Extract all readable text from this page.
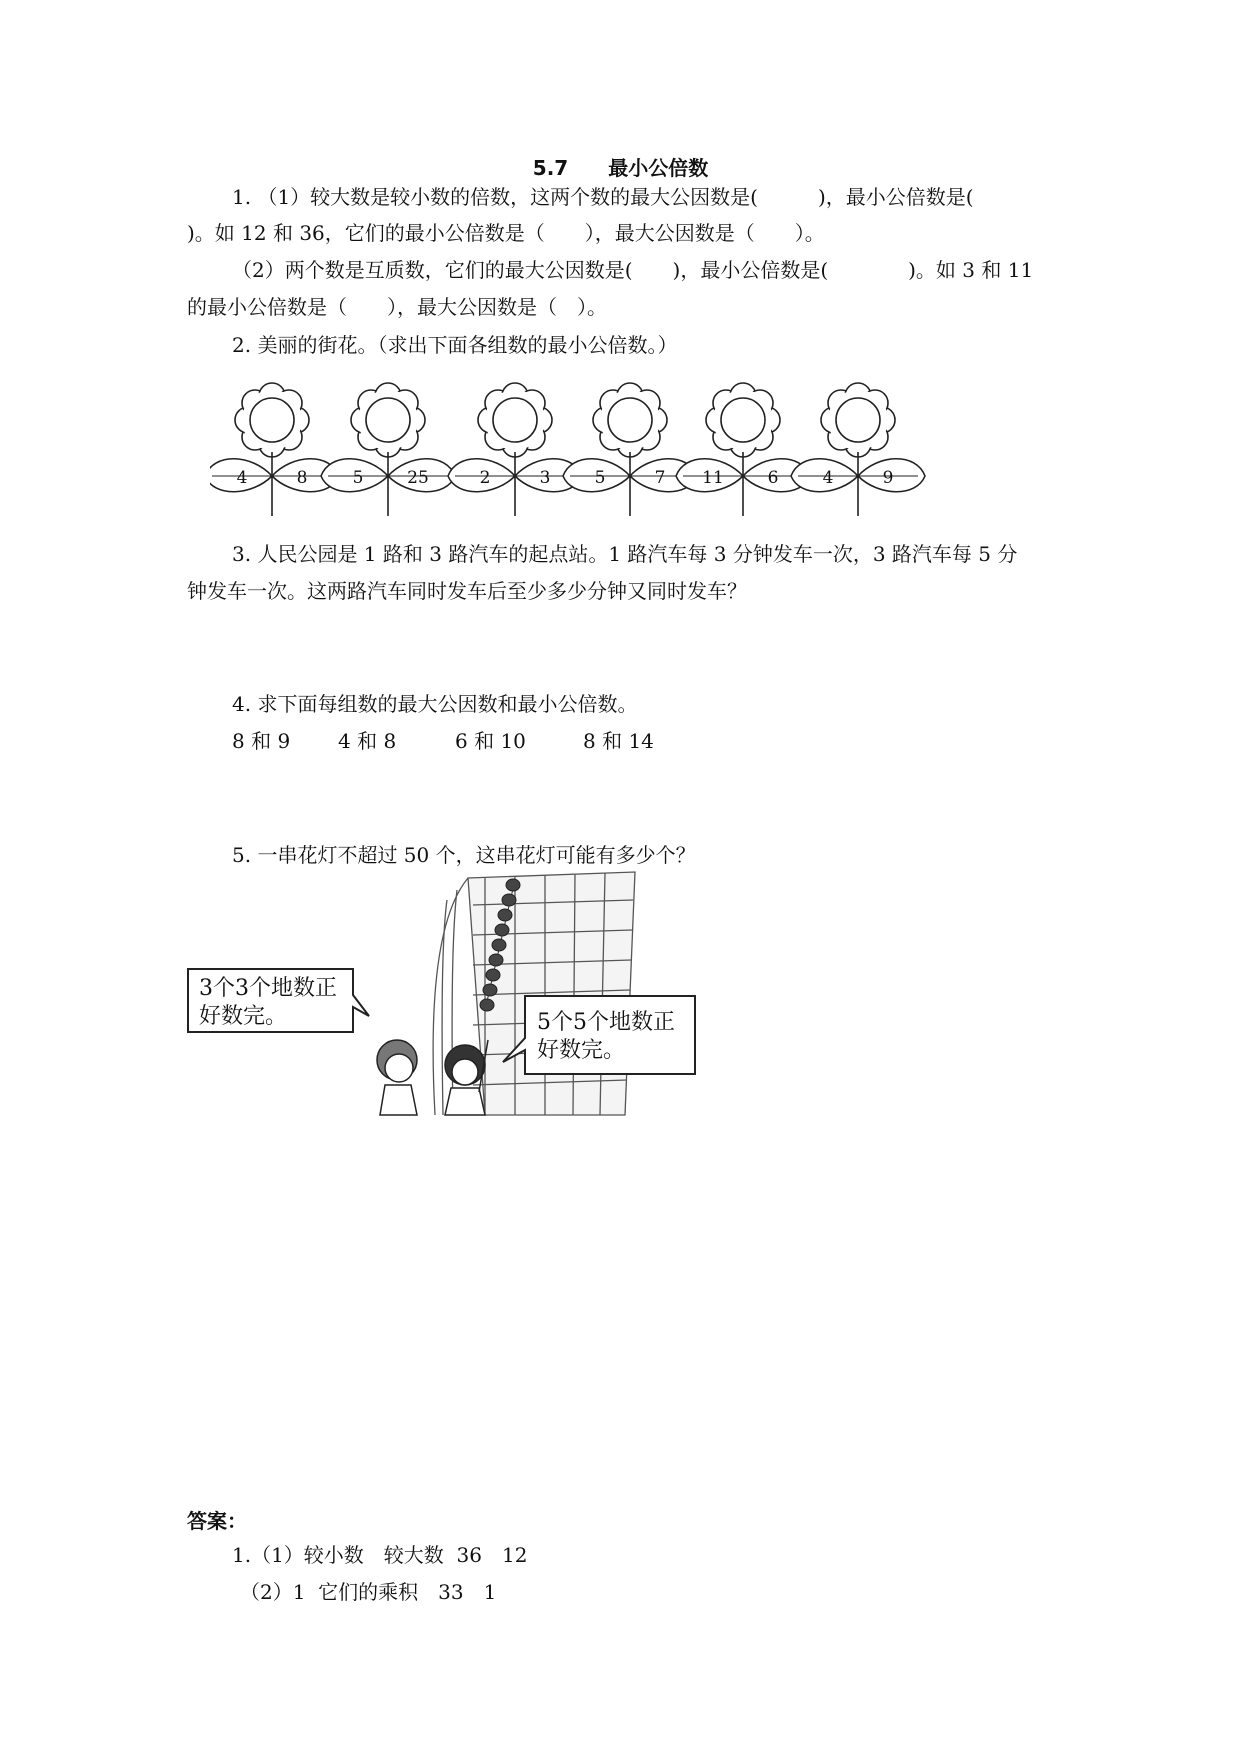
5.7　　最小公倍数
1. （1）较大数是较小数的倍数，这两个数的最大公因数是(　　　)，最小公倍数是(
)。如 12 和 36，它们的最小公倍数是（　　），最大公因数是（　　）。
（2）两个数是互质数，它们的最大公因数是(　　)，最小公倍数是(　　　　)。如 3 和 11
的最小公倍数是（　　），最大公因数是（　）。
2. 美丽的街花。（求出下面各组数的最小公倍数。）
4	8	5	25	2	3	5	7 11	6	4	9
3. 人民公园是 1 路和 3 路汽车的起点站。1 路汽车每 3 分钟发车一次，3 路汽车每 5 分
钟发车一次。这两路汽车同时发车后至少多少分钟又同时发车？
4. 求下面每组数的最大公因数和最小公倍数。
8 和 9 4 和 8	6 和 10	8 和 14
5. 一串花灯不超过 50 个，这串花灯可能有多少个？
3个3个地数正
好数完。	5个5个地数正
好数完。
答案：
1.（1）较小数　较大数  36　12
（2）1  它们的乘积　33　1
